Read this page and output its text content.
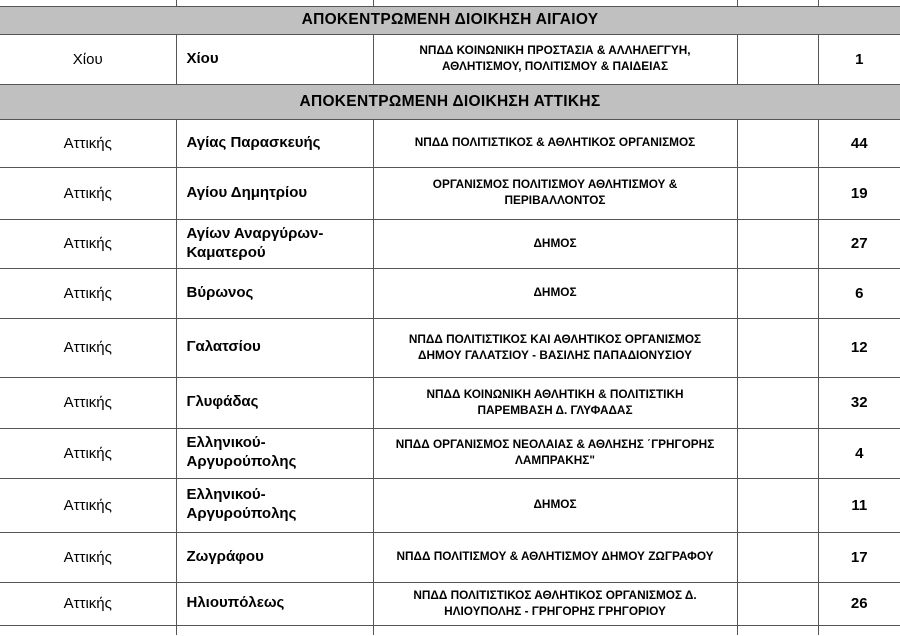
ΑΠΟΚΕΝΤΡΩΜΕΝΗ ΔΙΟΙΚΗΣΗ ΑΙΓΑΙΟΥ				
Χίου	Χίου	ΝΠΔΔ ΚΟΙΝΩΝΙΚΗ ΠΡΟΣΤΑΣΙΑ & ΑΛΛΗΛΕΓΓΥΗ, ΑΘΛΗΤΙΣΜΟΥ, ΠΟΛΙΤΙΣΜΟΥ & ΠΑΙΔΕΙΑΣ		1
ΑΠΟΚΕΝΤΡΩΜΕΝΗ ΔΙΟΙΚΗΣΗ ΑΤΤΙΚΗΣ				
Αττικής	Αγίας Παρασκευής	ΝΠΔΔ ΠΟΛΙΤΙΣΤΙΚΟΣ & ΑΘΛΗΤΙΚΟΣ ΟΡΓΑΝΙΣΜΟΣ		44
Αττικής	Αγίου Δημητρίου	ΟΡΓΑΝΙΣΜΟΣ ΠΟΛΙΤΙΣΜΟΥ ΑΘΛΗΤΙΣΜΟΥ & ΠΕΡΙΒΑΛΛΟΝΤΟΣ		19
Αττικής	Αγίων Αναργύρων-Καματερού	ΔΗΜΟΣ		27
Αττικής	Βύρωνος	ΔΗΜΟΣ		6
Αττικής	Γαλατσίου	ΝΠΔΔ ΠΟΛΙΤΙΣΤΙΚΟΣ ΚΑΙ ΑΘΛΗΤΙΚΟΣ ΟΡΓΑΝΙΣΜΟΣ ΔΗΜΟΥ ΓΑΛΑΤΣΙΟΥ - ΒΑΣΙΛΗΣ ΠΑΠΑΔΙΟΝΥΣΙΟΥ		12
Αττικής	Γλυφάδας	ΝΠΔΔ ΚΟΙΝΩΝΙΚΗ ΑΘΛΗΤΙΚΗ & ΠΟΛΙΤΙΣΤΙΚΗ ΠΑΡΕΜΒΑΣΗ Δ. ΓΛΥΦΑΔΑΣ		32
Αττικής	Ελληνικού-Αργυρούπολης	ΝΠΔΔ ΟΡΓΑΝΙΣΜΟΣ ΝΕΟΛΑΙΑΣ & ΑΘΛΗΣΗΣ ΄ΓΡΗΓΟΡΗΣ ΛΑΜΠΡΑΚΗΣ"		4
Αττικής	Ελληνικού-Αργυρούπολης	ΔΗΜΟΣ		11
Αττικής	Ζωγράφου	ΝΠΔΔ ΠΟΛΙΤΙΣΜΟΥ & ΑΘΛΗΤΙΣΜΟΥ ΔΗΜΟΥ ΖΩΓΡΑΦΟΥ		17
Αττικής	Ηλιουπόλεως	ΝΠΔΔ ΠΟΛΙΤΙΣΤΙΚΟΣ ΑΘΛΗΤΙΚΟΣ ΟΡΓΑΝΙΣΜΟΣ Δ. ΗΛΙΟΥΠΟΛΗΣ - ΓΡΗΓΟΡΗΣ ΓΡΗΓΟΡΙΟΥ		26
